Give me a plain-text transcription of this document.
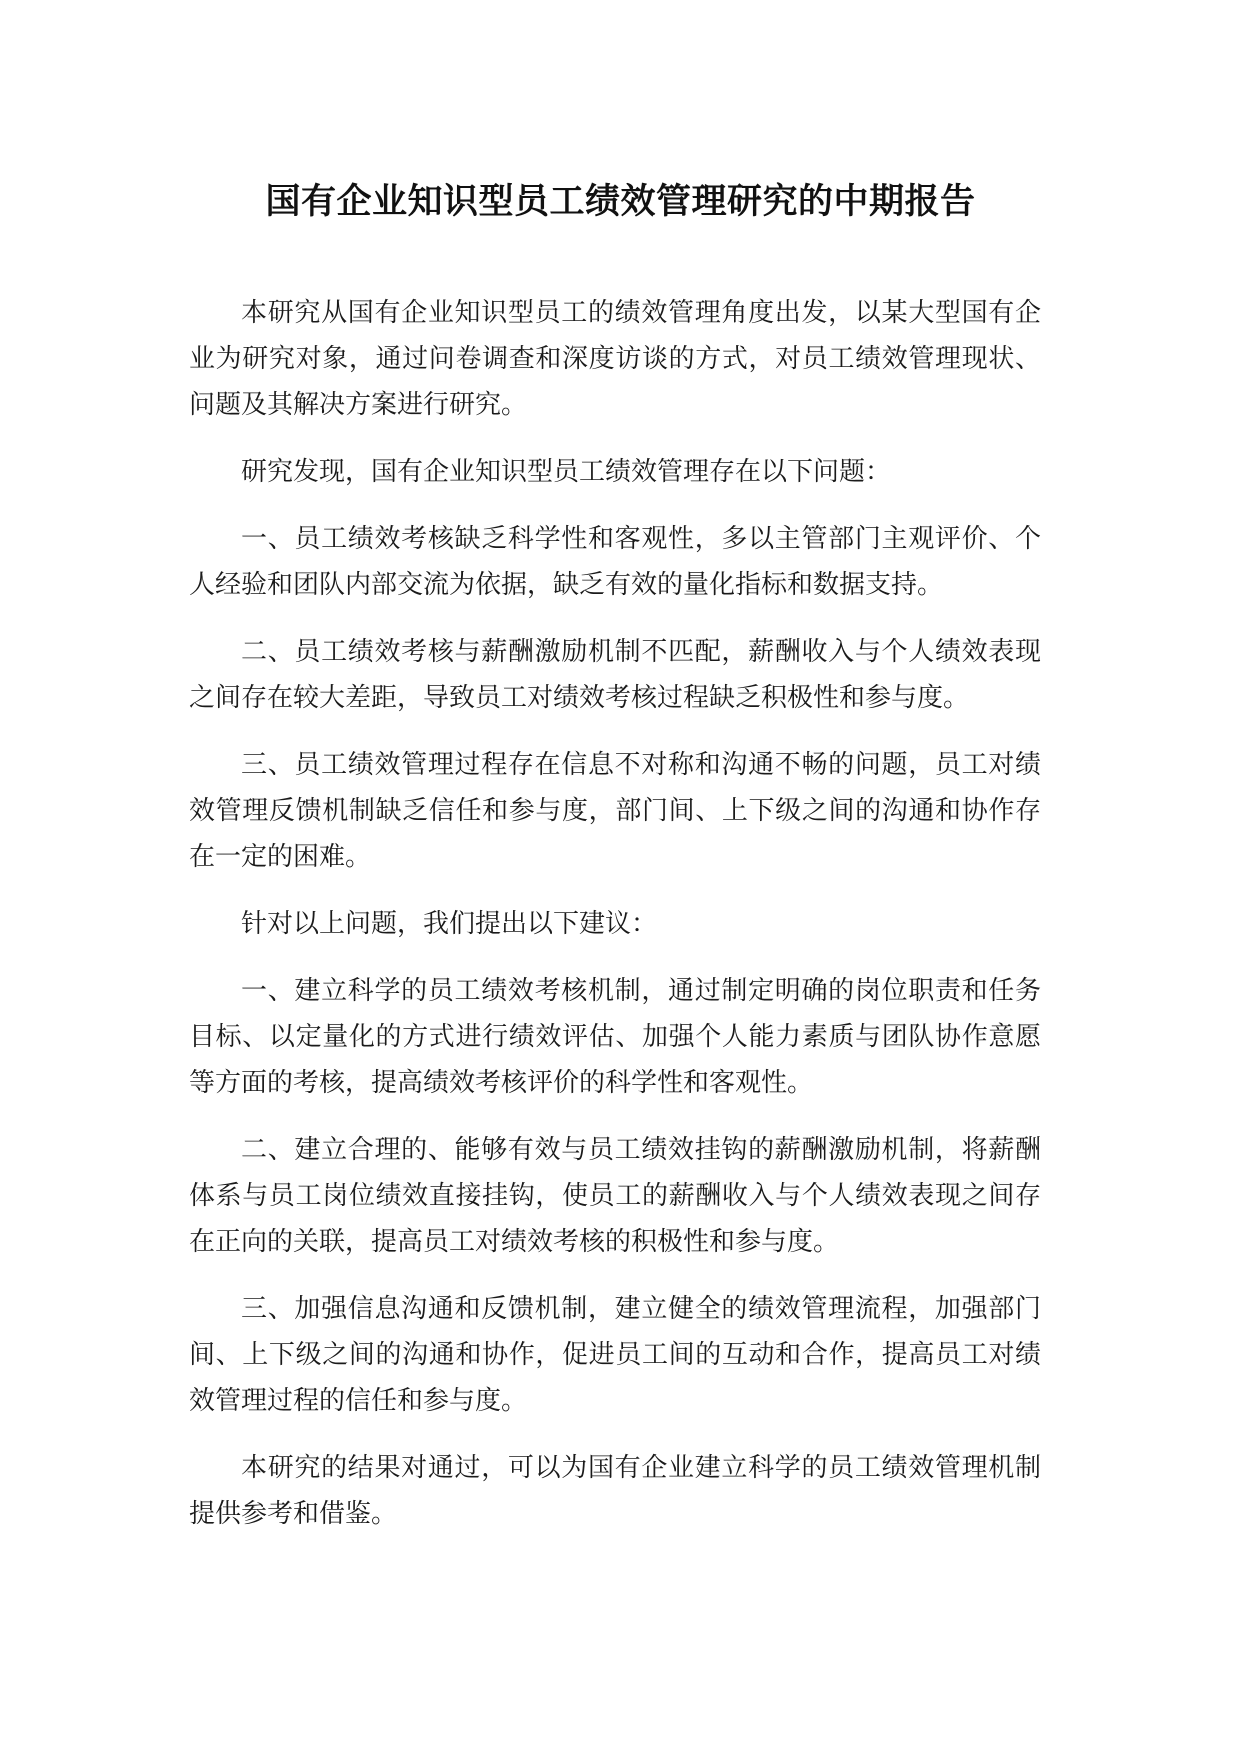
国有企业知识型员工绩效管理研究的中期报告

本研究从国有企业知识型员工的绩效管理角度出发，以某大型国有企业为研究对象，通过问卷调查和深度访谈的方式，对员工绩效管理现状、问题及其解决方案进行研究。

研究发现，国有企业知识型员工绩效管理存在以下问题：

一、员工绩效考核缺乏科学性和客观性，多以主管部门主观评价、个人经验和团队内部交流为依据，缺乏有效的量化指标和数据支持。

二、员工绩效考核与薪酬激励机制不匹配，薪酬收入与个人绩效表现之间存在较大差距，导致员工对绩效考核过程缺乏积极性和参与度。

三、员工绩效管理过程存在信息不对称和沟通不畅的问题，员工对绩效管理反馈机制缺乏信任和参与度，部门间、上下级之间的沟通和协作存在一定的困难。

针对以上问题，我们提出以下建议：

一、建立科学的员工绩效考核机制，通过制定明确的岗位职责和任务目标、以定量化的方式进行绩效评估、加强个人能力素质与团队协作意愿等方面的考核，提高绩效考核评价的科学性和客观性。

二、建立合理的、能够有效与员工绩效挂钩的薪酬激励机制，将薪酬体系与员工岗位绩效直接挂钩，使员工的薪酬收入与个人绩效表现之间存在正向的关联，提高员工对绩效考核的积极性和参与度。

三、加强信息沟通和反馈机制，建立健全的绩效管理流程，加强部门间、上下级之间的沟通和协作，促进员工间的互动和合作，提高员工对绩效管理过程的信任和参与度。

本研究的结果对通过，可以为国有企业建立科学的员工绩效管理机制提供参考和借鉴。
